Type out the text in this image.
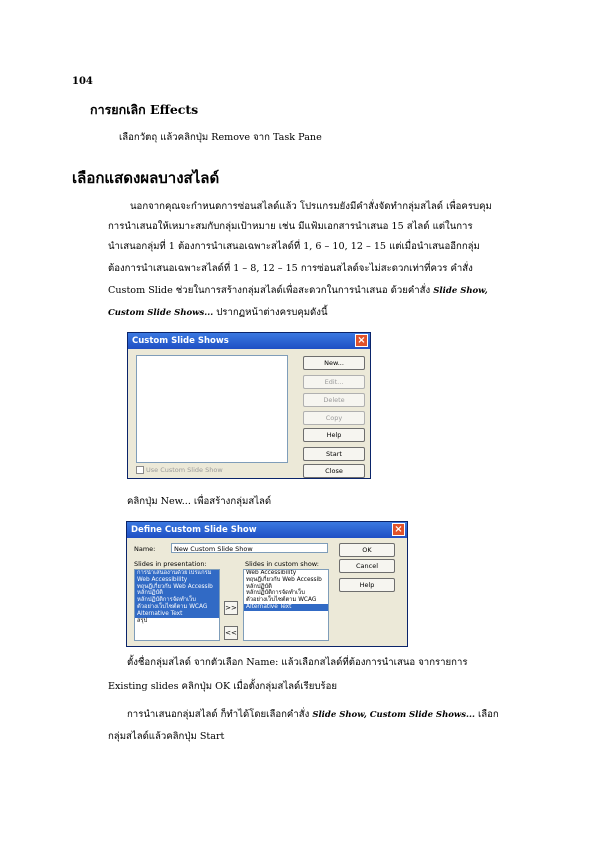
104
การยกเลิก Effects
เลือกวัตถุ แล้วคลิกปุ่ม Remove จาก Task Pane
เลือกแสดงผลบางสไลด์
นอกจากคุณจะกำหนดการซ่อนสไลด์แล้ว โปรแกรมยังมีคำสั่งจัดทำกลุ่มสไลด์ เพื่อครบคุม
การนำเสนอให้เหมาะสมกับกลุ่มเป้าหมาย เช่น มีแฟ้มเอกสารนำเสนอ 15 สไลด์ แต่ในการ
นำเสนอกลุ่มที่ 1 ต้องการนำเสนอเฉพาะสไลด์ที่ 1, 6 – 10, 12 – 15 แต่เมื่อนำเสนออีกกลุ่ม
ต้องการนำเสนอเฉพาะสไลด์ที่ 1 – 8, 12 – 15 การซ่อนสไลด์จะไม่สะดวกเท่าที่ควร คำสั่ง
Custom Slide ช่วยในการสร้างกลุ่มสไลด์เพื่อสะดวกในการนำเสนอ ด้วยคำสั่ง Slide Show,
Custom Slide Shows... ปรากฏหน้าต่างครบคุมดังนี้
Custom Slide Shows	×
New...
Edit...
Delete
Copy
Help
Start
Close
Use Custom Slide Show
คลิกปุ่ม New... เพื่อสร้างกลุ่มสไลด์
Define Custom Slide Show	×
Name:	New Custom Slide Show
Slides in presentation:	Slides in custom show:
การนำเสนองานด้วยโปรแกรม
Web Accessibility
ทฤษฎีเกี่ยวกับ Web Accessib
หลักปฏิบัติ
หลักปฏิบัติการจัดทำเว็บ
ตัวอย่างเว็บไซต์ตาม WCAG
Alternative Text
สรุป
>>
<<
Web Accessibility
ทฤษฎีเกี่ยวกับ Web Accessib
หลักปฏิบัติ
หลักปฏิบัติการจัดทำเว็บ
ตัวอย่างเว็บไซต์ตาม WCAG
Alternative Text
OK
Cancel
Help
ตั้งชื่อกลุ่มสไลด์ จากตัวเลือก Name: แล้วเลือกสไลด์ที่ต้องการนำเสนอ จากรายการ
Existing slides คลิกปุ่ม OK เมื่อตั้งกลุ่มสไลด์เรียบร้อย
การนำเสนอกลุ่มสไลด์ ก็ทำได้โดยเลือกคำสั่ง Slide Show, Custom Slide Shows... เลือก
กลุ่มสไลด์แล้วคลิกปุ่ม Start
